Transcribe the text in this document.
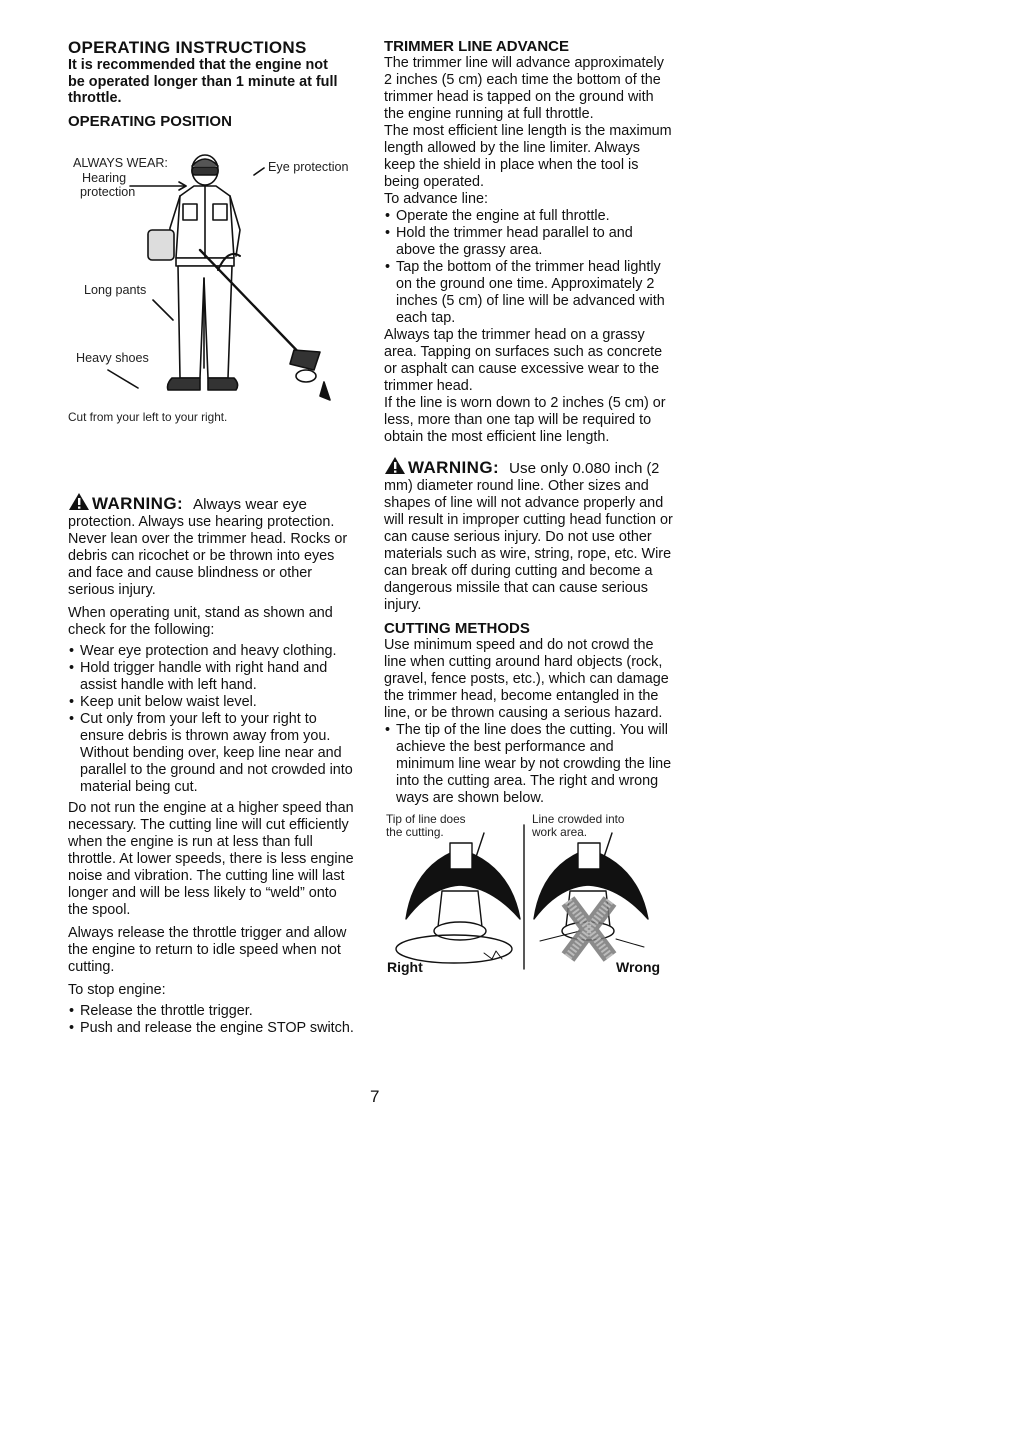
OPERATING INSTRUCTIONS

It is recommended that the engine not be operated longer than 1 minute at full throttle.

OPERATING POSITION

ALWAYS WEAR:	Eye protection
Hearing
protection
Long pants
Heavy shoes
Cut from your left to your right.

WARNING: Always wear eye protection. Always use hearing protection. Never lean over the trimmer head. Rocks or debris can ricochet or be thrown into eyes and face and cause blindness or other serious injury.

When operating unit, stand as shown and check for the following:

• Wear eye protection and heavy clothing.
• Hold trigger handle with right hand and assist handle with left hand.
• Keep unit below waist level.
• Cut only from your left to your right to ensure debris is thrown away from you. Without bending over, keep line near and parallel to the ground and not crowded into material being cut.

Do not run the engine at a higher speed than necessary. The cutting line will cut efficiently when the engine is run at less than full throttle. At lower speeds, there is less engine noise and vibration. The cutting line will last longer and will be less likely to “weld” onto the spool.

Always release the throttle trigger and allow the engine to return to idle speed when not cutting.

To stop engine:

• Release the throttle trigger.
• Push and release the engine STOP switch.

TRIMMER LINE ADVANCE

The trimmer line will advance approximately 2 inches (5 cm) each time the bottom of the trimmer head is tapped on the ground with the engine running at full throttle.

The most efficient line length is the maximum length allowed by the line limiter. Always keep the shield in place when the tool is being operated.

To advance line:

• Operate the engine at full throttle.
• Hold the trimmer head parallel to and above the grassy area.
• Tap the bottom of the trimmer head lightly on the ground one time. Approximately 2 inches (5 cm) of line will be advanced with each tap.

Always tap the trimmer head on a grassy area. Tapping on surfaces such as concrete or asphalt can cause excessive wear to the trimmer head.

If the line is worn down to 2 inches (5 cm) or less, more than one tap will be required to obtain the most efficient line length.

WARNING: Use only 0.080 inch (2 mm) diameter round line. Other sizes and shapes of line will not advance properly and will result in improper cutting head function or can cause serious injury. Do not use other materials such as wire, string, rope, etc. Wire can break off during cutting and become a dangerous missile that can cause serious injury.

CUTTING METHODS

Use minimum speed and do not crowd the line when cutting around hard objects (rock, gravel, fence posts, etc.), which can damage the trimmer head, become entangled in the line, or be thrown causing a serious hazard.

• The tip of the line does the cutting. You will achieve the best performance and minimum line wear by not crowding the line into the cutting area. The right and wrong ways are shown below.
Tip of line does
the cutting.
Line crowded into
work area.
Right	Wrong
7
